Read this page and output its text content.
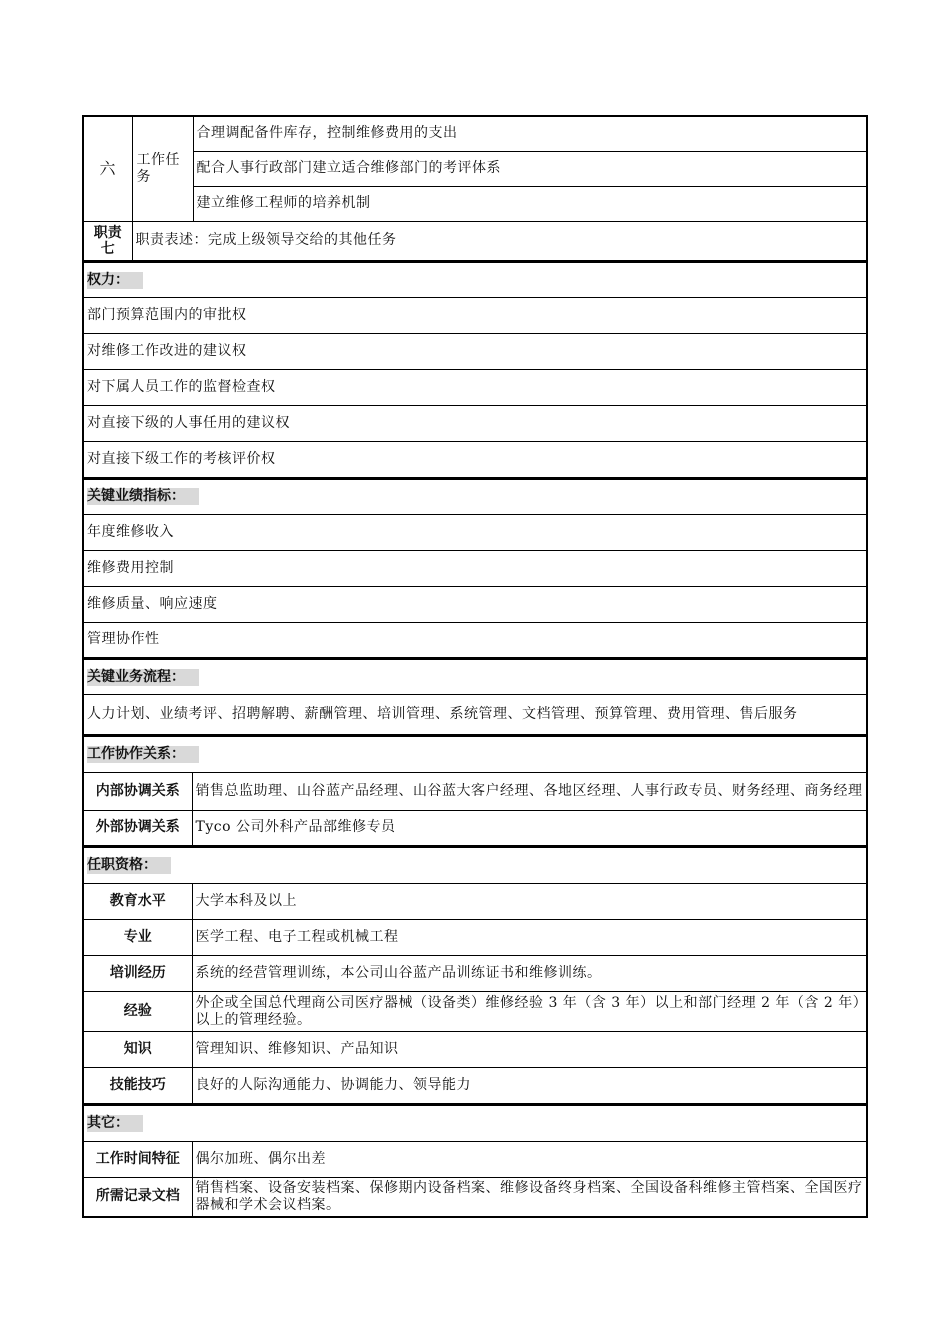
六	工作任务	合理调配备件库存，控制维修费用的支出
		配合人事行政部门建立适合维修部门的考评体系
		建立维修工程师的培养机制
职责七	职责表述：完成上级领导交给的其他任务	
权力：
部门预算范围内的审批权
对维修工作改进的建议权
对下属人员工作的监督检查权
对直接下级的人事任用的建议权
对直接下级工作的考核评价权
关键业绩指标：
年度维修收入
维修费用控制
维修质量、响应速度
管理协作性
关键业务流程：
人力计划、业绩考评、招聘解聘、薪酬管理、培训管理、系统管理、文档管理、预算管理、费用管理、售后服务
工作协作关系：	
内部协调关系	销售总监助理、山谷蓝产品经理、山谷蓝大客户经理、各地区经理、人事行政专员、财务经理、商务经理
外部协调关系	Tyco 公司外科产品部维修专员
任职资格：	
教育水平	大学本科及以上
专业	医学工程、电子工程或机械工程
培训经历	系统的经营管理训练，本公司山谷蓝产品训练证书和维修训练。
经验	外企或全国总代理商公司医疗器械（设备类）维修经验 3 年（含 3 年）以上和部门经理 2 年（含 2 年）以上的管理经验。
知识	管理知识、维修知识、产品知识
技能技巧	良好的人际沟通能力、协调能力、领导能力
其它：	
工作时间特征	偶尔加班、偶尔出差
所需记录文档	销售档案、设备安装档案、保修期内设备档案、维修设备终身档案、全国设备科维修主管档案、全国医疗器械和学术会议档案。
